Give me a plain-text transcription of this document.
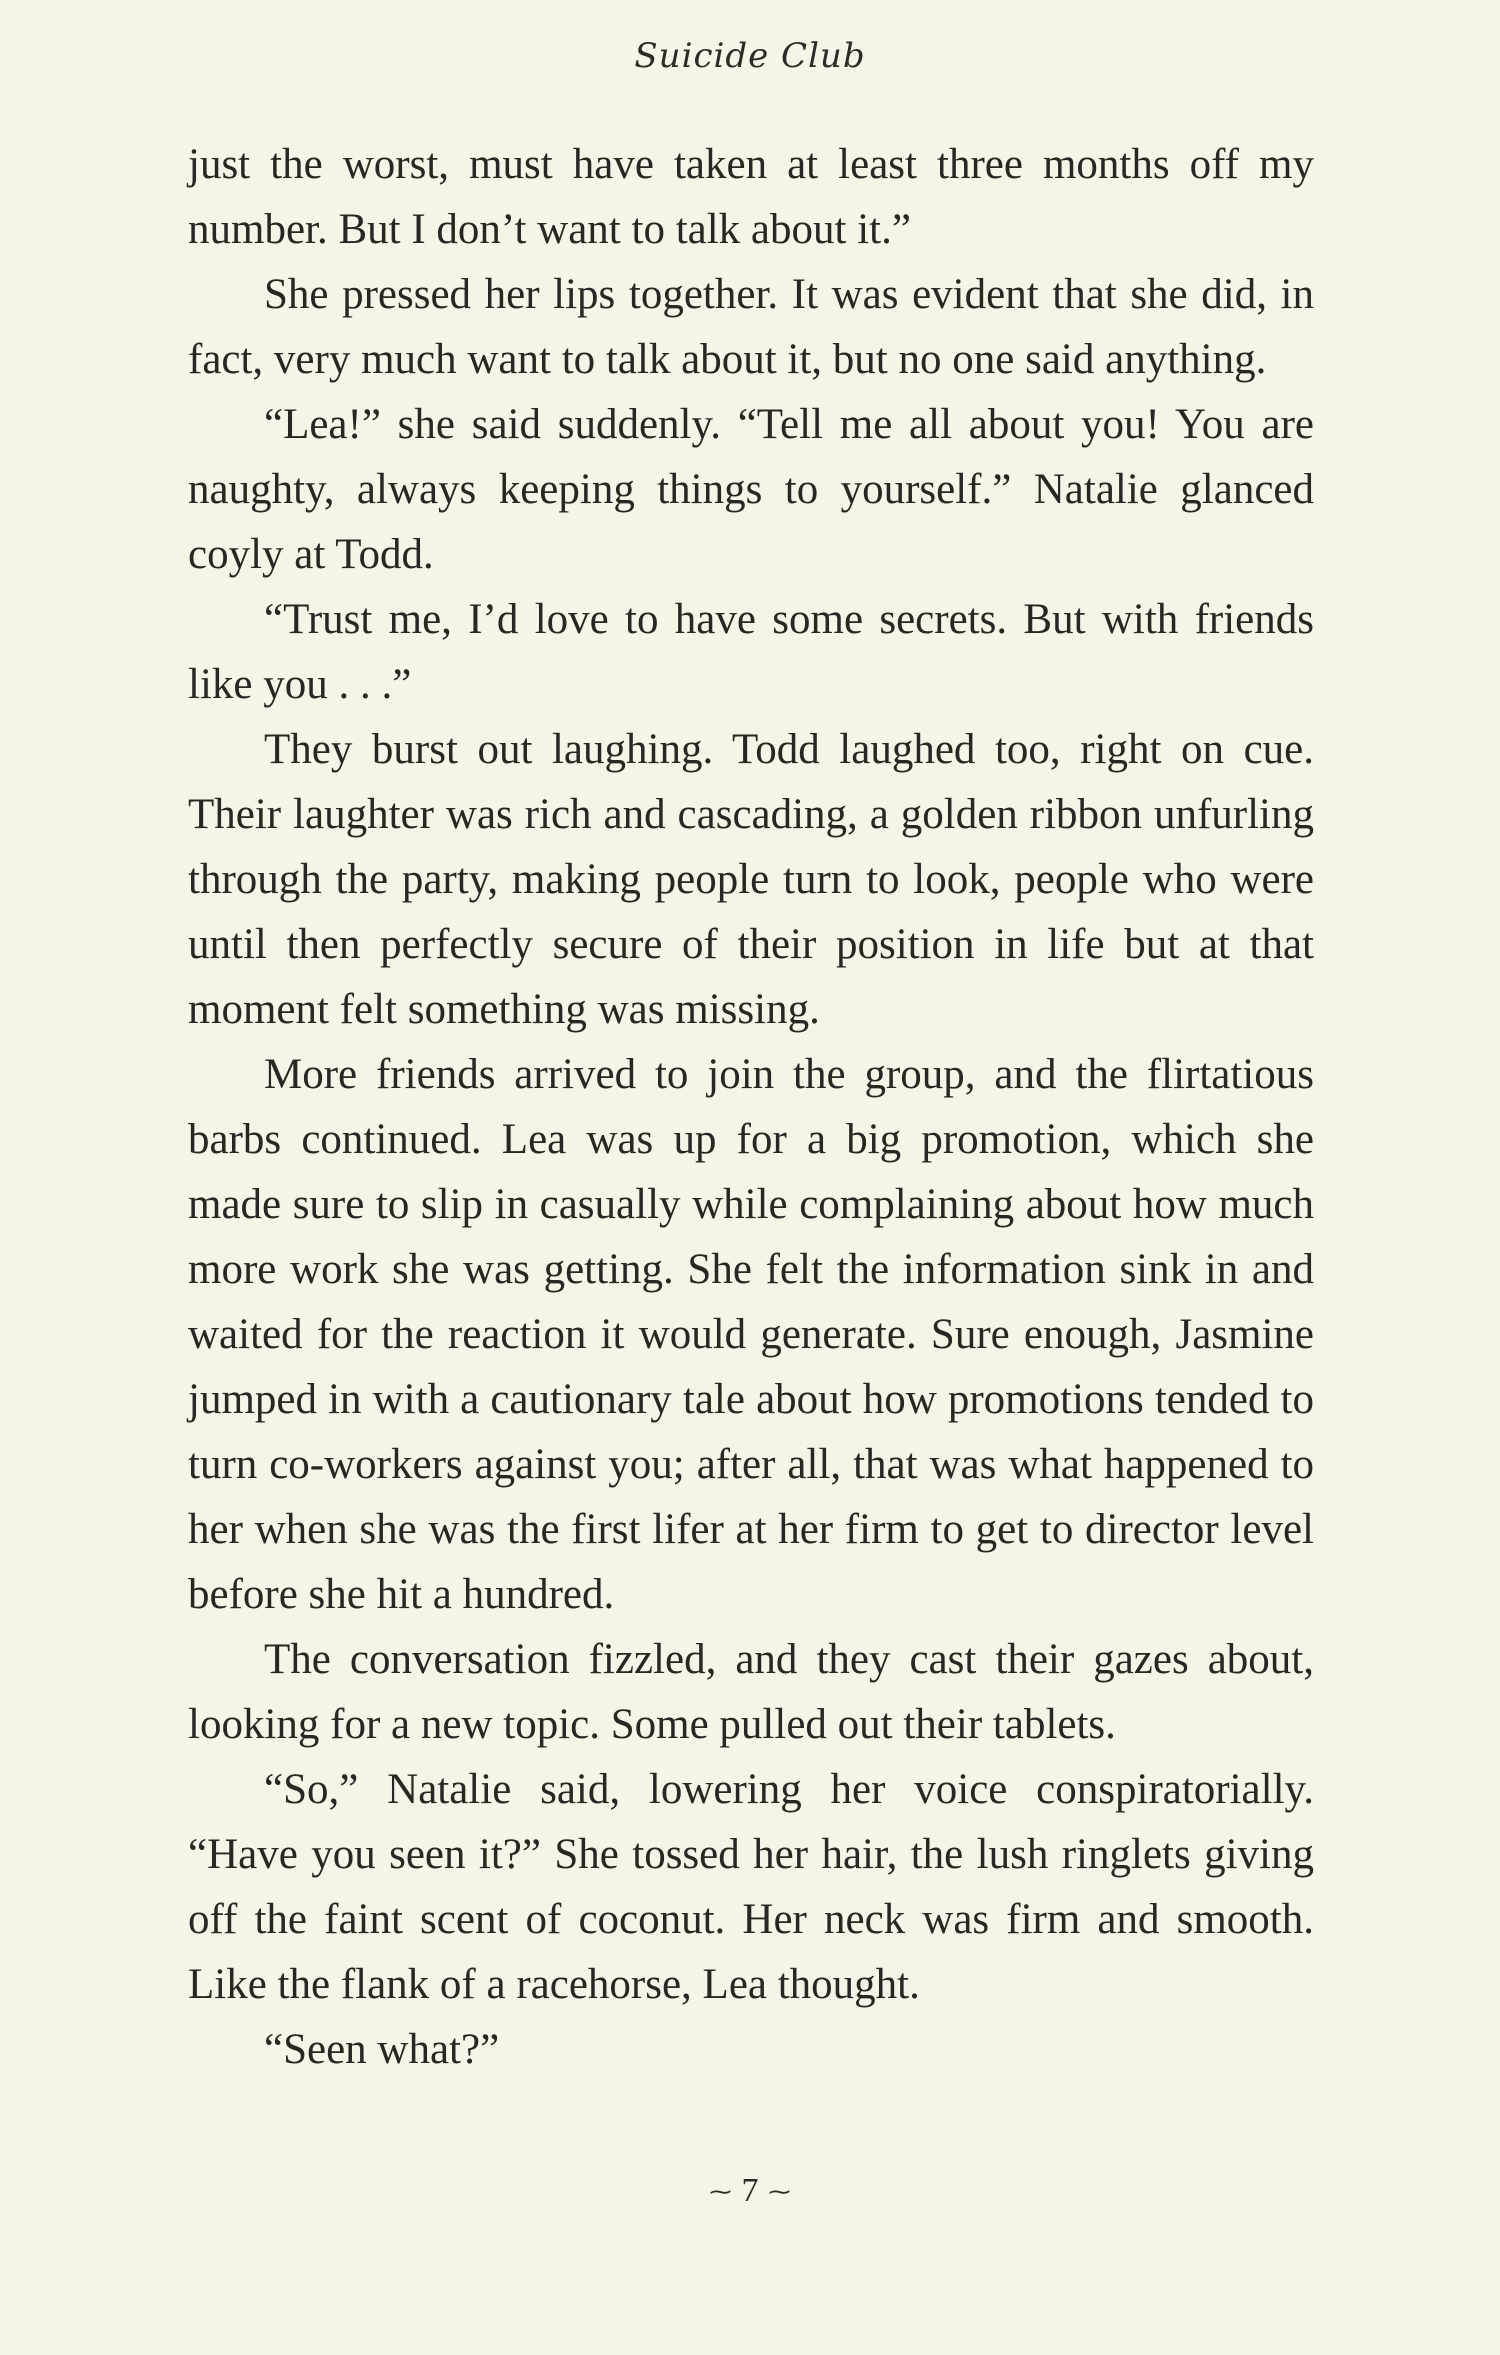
Suicide Club

just the worst, must have taken at least three months off my number. But I don’t want to talk about it.”

She pressed her lips together. It was evident that she did, in fact, very much want to talk about it, but no one said anything.

“Lea!” she said suddenly. “Tell me all about you! You are naughty, always keeping things to yourself.” Natalie glanced coyly at Todd.

“Trust me, I’d love to have some secrets. But with friends like you . . .”

They burst out laughing. Todd laughed too, right on cue. Their laughter was rich and cascading, a golden ribbon unfurling through the party, making people turn to look, people who were until then perfectly secure of their position in life but at that moment felt something was missing.

More friends arrived to join the group, and the flirtatious barbs continued. Lea was up for a big promotion, which she made sure to slip in casually while complaining about how much more work she was getting. She felt the information sink in and waited for the reaction it would generate. Sure enough, Jasmine jumped in with a cautionary tale about how promotions tended to turn co-workers against you; after all, that was what happened to her when she was the first lifer at her firm to get to director level before she hit a hundred.

The conversation fizzled, and they cast their gazes about, looking for a new topic. Some pulled out their tablets.

“So,” Natalie said, lowering her voice conspiratorially. “Have you seen it?” She tossed her hair, the lush ringlets giving off the faint scent of coconut. Her neck was firm and smooth. Like the flank of a racehorse, Lea thought.

“Seen what?”

⁓ 7 ⁓
